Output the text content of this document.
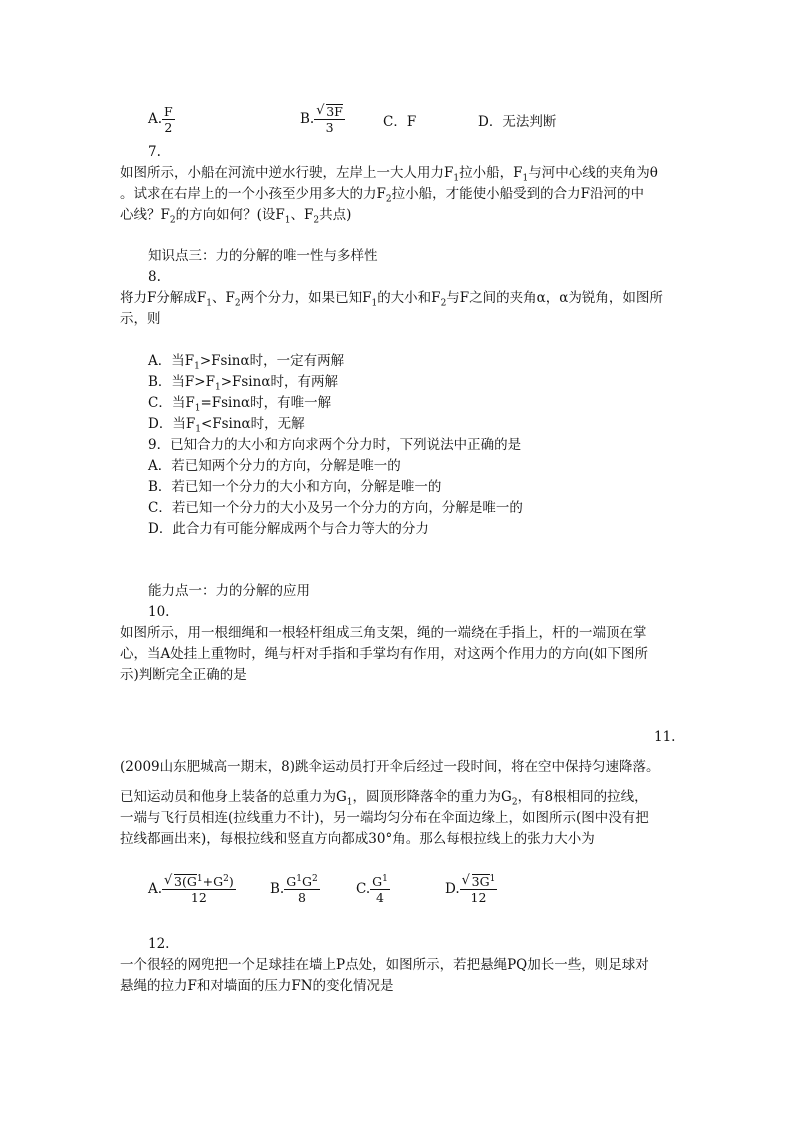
A. $\frac{F}{2}$	B. $\frac{√ 3F}{3}$	C．F	D．无法判断
7.
如图所示，小船在河流中逆水行驶，左岸上一大人用力$F_1$拉小船，$F_1$与河中心线的夹角为θ
。试求在右岸上的一个小孩至少用多大的力$F_2$拉小船，才能使小船受到的合力F沿河的中
心线？$F_2$的方向如何？(设$F_1$、$F_2$共点)
知识点三：力的分解的唯一性与多样性
8.
将力F分解成$F_1$、$F_2$两个分力，如果已知$F_1$的大小和$F_2$与F之间的夹角α，α为锐角，如图所
示，则
A．当$F_1>Fsin\alpha$时，一定有两解
B．当$F>F_1>Fsin\alpha$时，有两解
C．当$F_1=Fsin\alpha$时，有唯一解
D．当$F_1<Fsin\alpha$时，无解
9．已知合力的大小和方向求两个分力时，下列说法中正确的是
A．若已知两个分力的方向，分解是唯一的
B．若已知一个分力的大小和方向，分解是唯一的
C．若已知一个分力的大小及另一个分力的方向，分解是唯一的
D．此合力有可能分解成两个与合力等大的分力
能力点一：力的分解的应用
10.
如图所示，用一根细绳和一根轻杆组成三角支架，绳的一端绕在手指上，杆的一端顶在掌
心，当A处挂上重物时，绳与杆对手指和手掌均有作用，对这两个作用力的方向(如下图所
示)判断完全正确的是
11.
(2009山东肥城高一期末，8)跳伞运动员打开伞后经过一段时间，将在空中保持匀速降落。
已知运动员和他身上装备的总重力为$G_1$，圆顶形降落伞的重力为$G_2$，有8根相同的拉线，
一端与飞行员相连(拉线重力不计)，另一端均匀分布在伞面边缘上，如图所示(图中没有把
拉线都画出来)，每根拉线和竖直方向都成30°角。那么每根拉线上的张力大小为
A. $\frac{√ 3(G^1+G^2)}{12}$	B. $\frac{G^1G^2}{8}$	C. $\frac{G^1}{4}$	D. $\frac{√ 3G^1}{12}$
12.
一个很轻的网兜把一个足球挂在墙上P点处，如图所示，若把悬绳PQ加长一些，则足球对
悬绳的拉力F和对墙面的压力FN的变化情况是
